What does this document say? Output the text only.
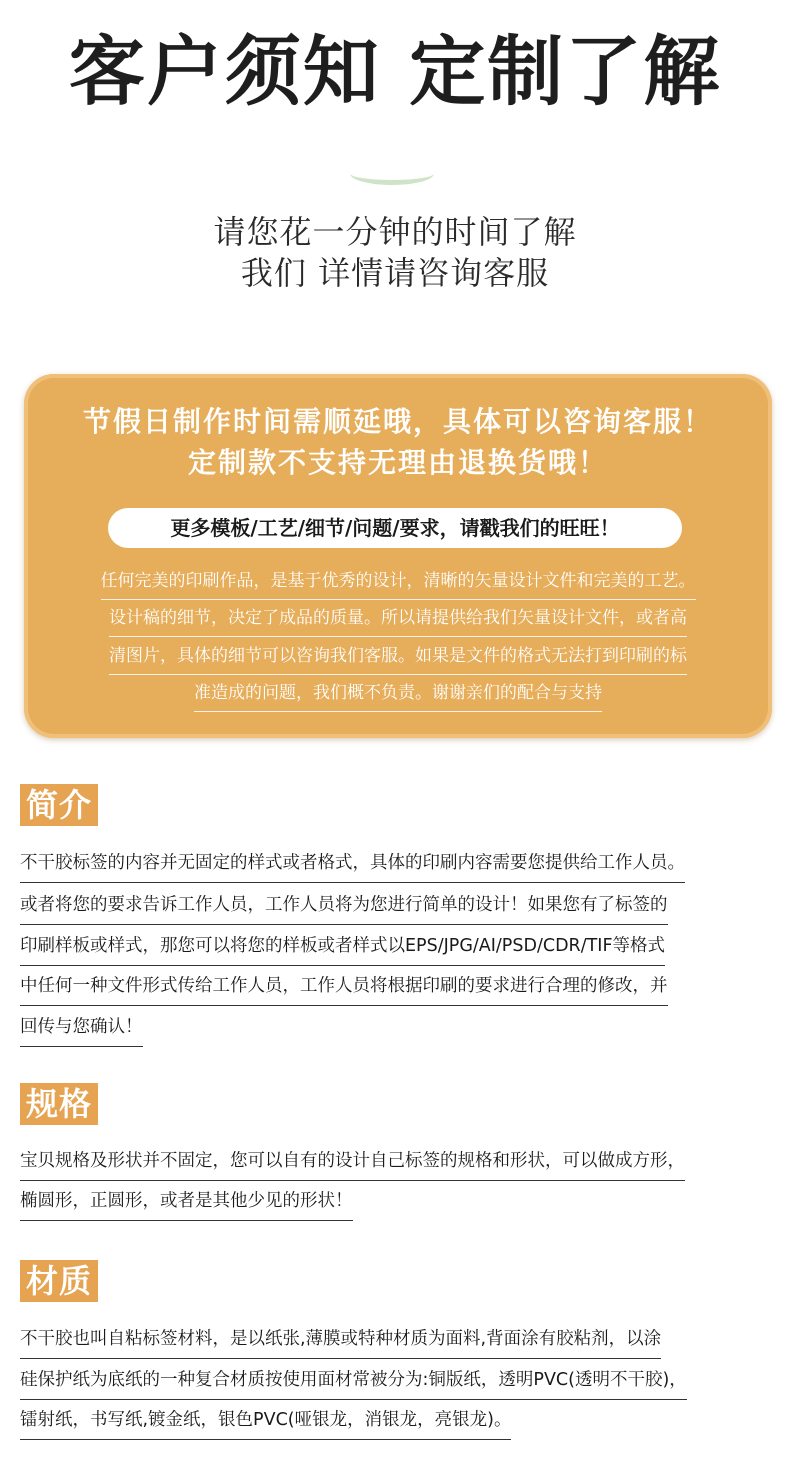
客户须知 定制了解
请您花一分钟的时间了解
我们 详情请咨询客服
节假日制作时间需顺延哦，具体可以咨询客服！
定制款不支持无理由退换货哦！
更多模板/工艺/细节/问题/要求，请戳我们的旺旺！
任何完美的印刷作品，是基于优秀的设计，清晰的矢量设计文件和完美的工艺。
设计稿的细节，决定了成品的质量。所以请提供给我们矢量设计文件，或者高
清图片，具体的细节可以咨询我们客服。如果是文件的格式无法打到印刷的标
准造成的问题，我们概不负责。谢谢亲们的配合与支持
简介
不干胶标签的内容并无固定的样式或者格式，具体的印刷内容需要您提供给工作人员。
或者将您的要求告诉工作人员，工作人员将为您进行简单的设计！如果您有了标签的
印刷样板或样式，那您可以将您的样板或者样式以EPS/JPG/AI/PSD/CDR/TIF等格式
中任何一种文件形式传给工作人员，工作人员将根据印刷的要求进行合理的修改，并
回传与您确认！
规格
宝贝规格及形状并不固定，您可以自有的设计自己标签的规格和形状，可以做成方形，
椭圆形，正圆形，或者是其他少见的形状！
材质
不干胶也叫自粘标签材料，是以纸张,薄膜或特种材质为面料,背面涂有胶粘剂，以涂
硅保护纸为底纸的一种复合材质按使用面材常被分为:铜版纸，透明PVC(透明不干胶)，
镭射纸，书写纸,镀金纸，银色PVC(哑银龙，消银龙，亮银龙)。
